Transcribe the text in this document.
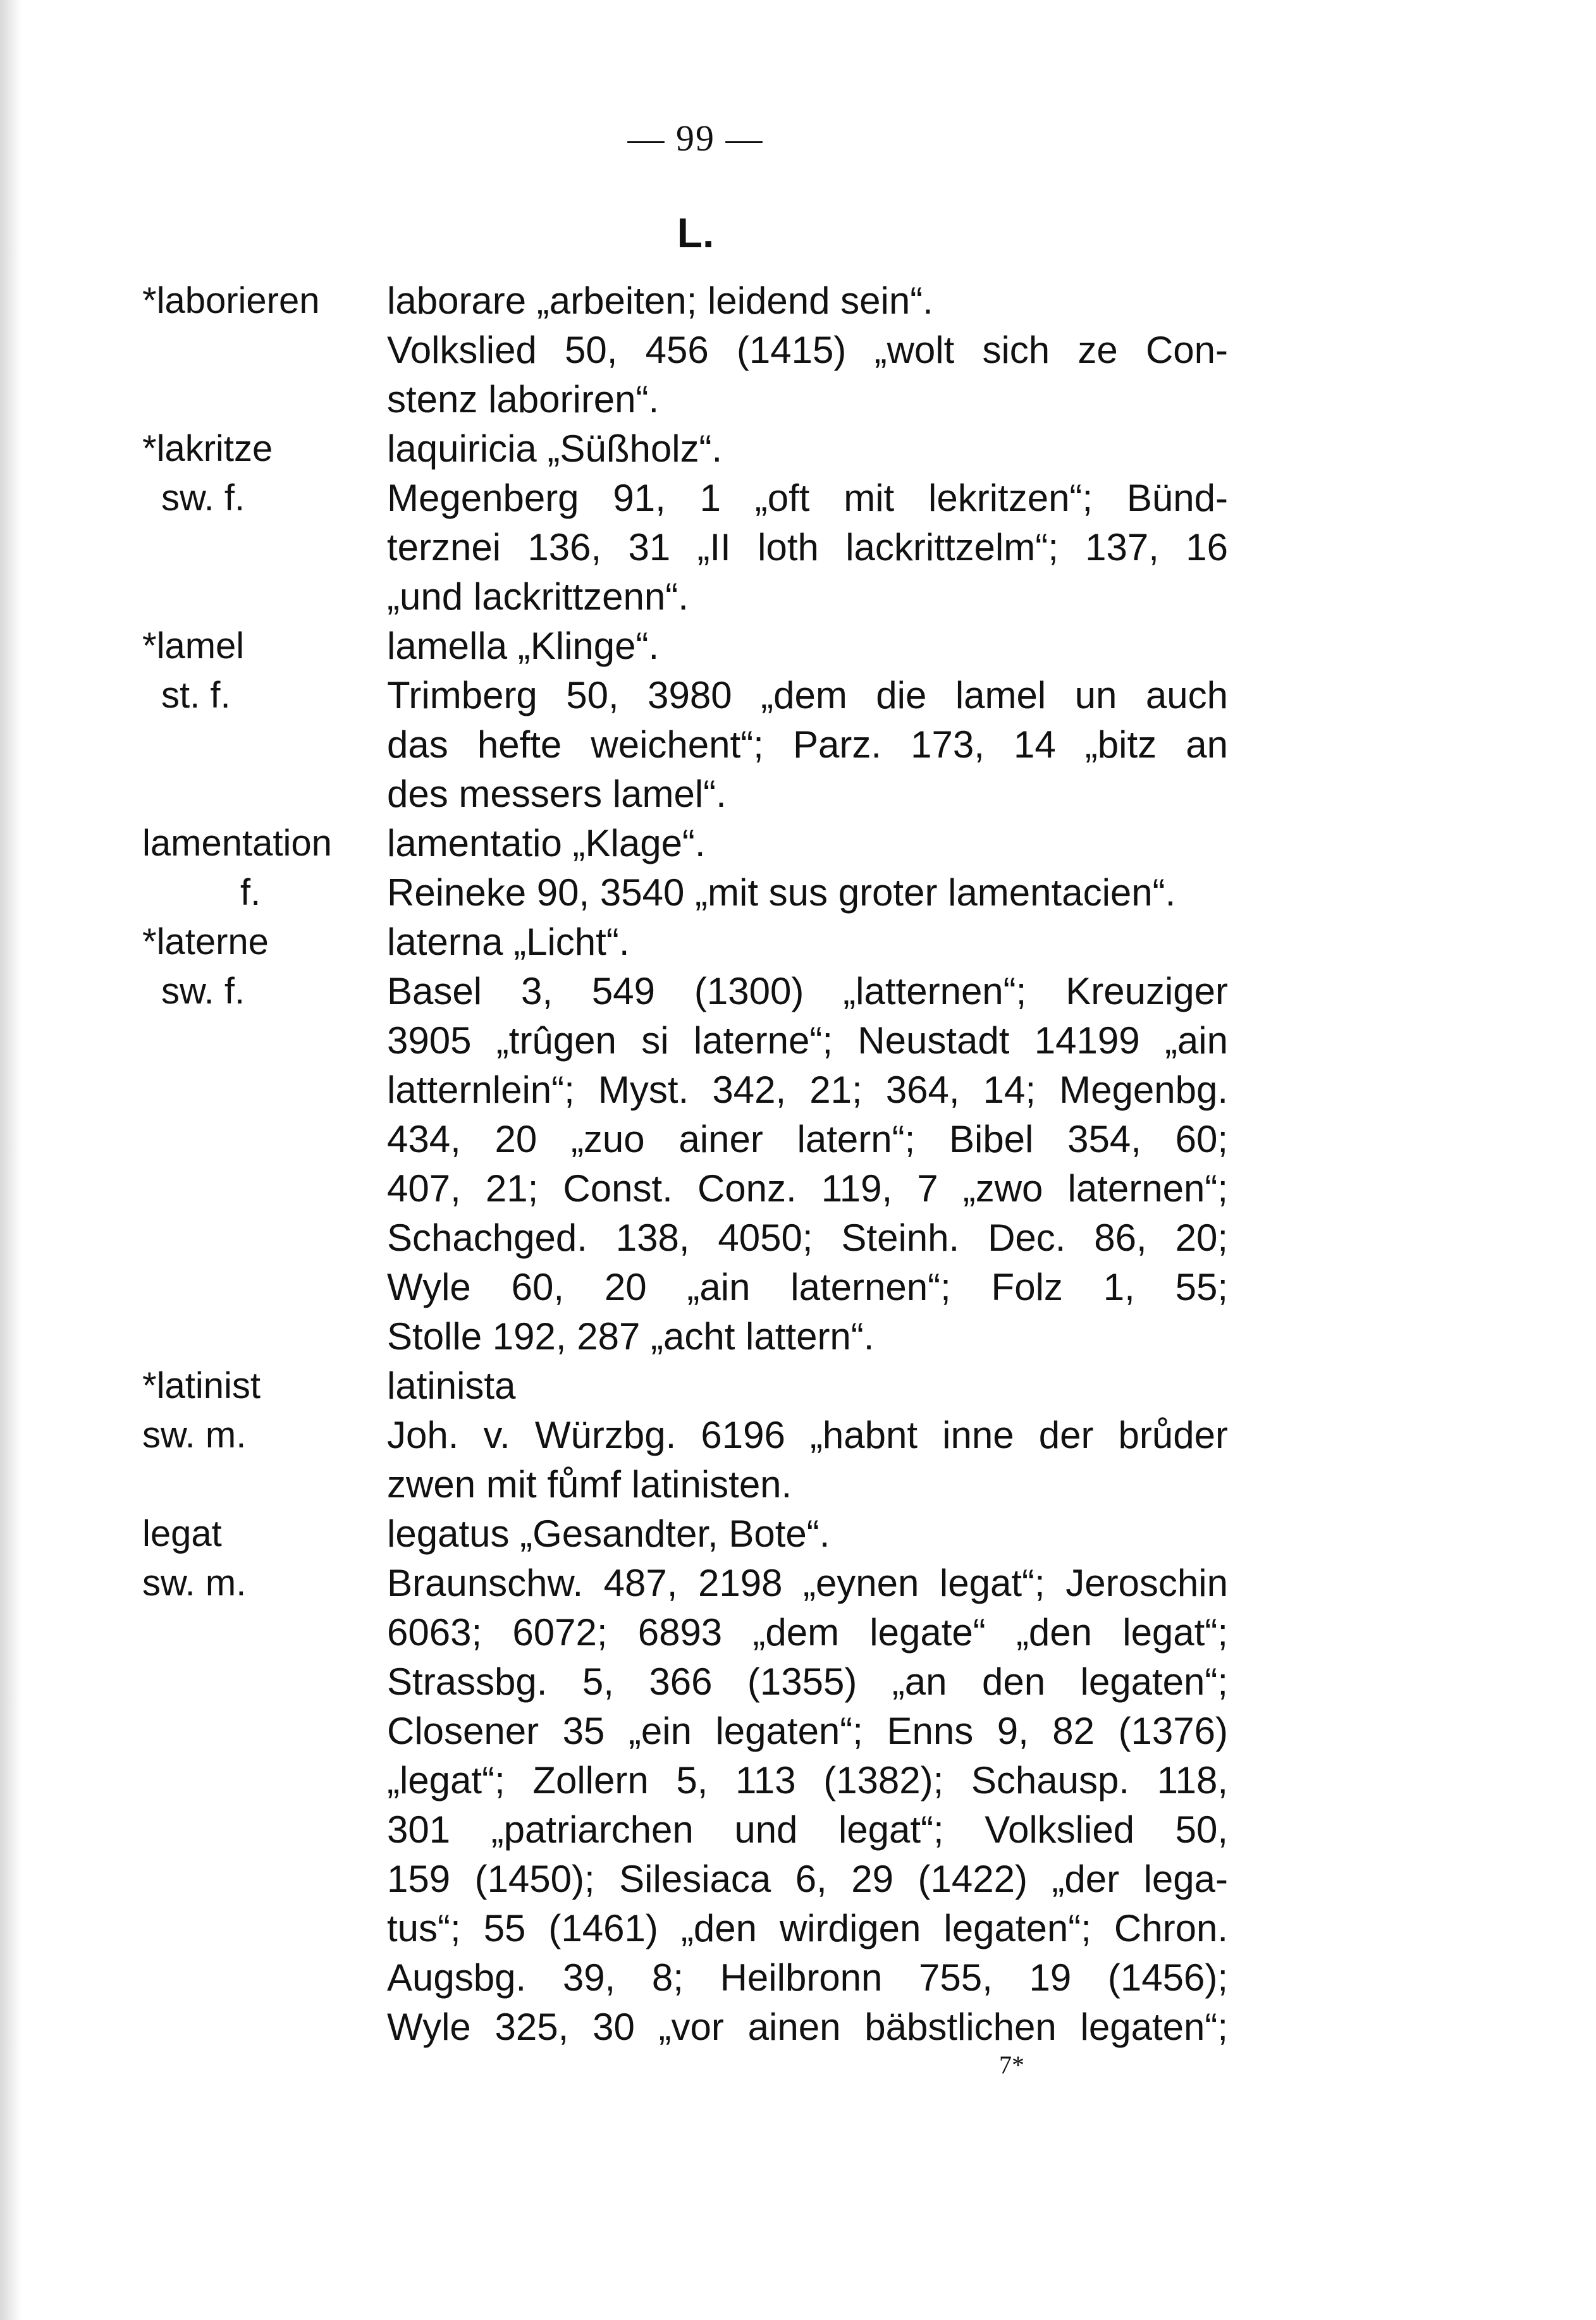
— 99 —
L.
*laborieren	laborare „arbeiten; leidend sein“.
Volkslied 50, 456 (1415) „wolt sich ze Con-
stenz laboriren“.
*lakritze
sw. f.
laquiricia „Süßholz“.
Megenberg 91, 1 „oft mit lekritzen“; Bünd-
terznei 136, 31 „II loth lackrittzelm“; 137, 16
„und lackrittzenn“.
*lamel
st. f.
lamella „Klinge“.
Trimberg 50, 3980 „dem die lamel un auch
das hefte weichent“; Parz. 173, 14 „bitz an
des messers lamel“.
lamentation
f.
lamentatio „Klage“.
Reineke 90, 3540 „mit sus groter lamentacien“.
*laterne
sw. f.
laterna „Licht“.
Basel 3, 549 (1300) „latternen“; Kreuziger
3905 „trûgen si laterne“; Neustadt 14199 „ain
latternlein“; Myst. 342, 21; 364, 14; Megenbg.
434, 20 „zuo ainer latern“; Bibel 354, 60;
407, 21; Const. Conz. 119, 7 „zwo laternen“;
Schachged. 138, 4050; Steinh. Dec. 86, 20;
Wyle 60, 20 „ain laternen“; Folz 1, 55;
Stolle 192, 287 „acht lattern“.
*latinist
sw. m.
latinista
Joh. v. Würzbg. 6196 „habnt inne der brůder
zwen mit fůmf latinisten.
legat
sw. m.
legatus „Gesandter, Bote“.
Braunschw. 487, 2198 „eynen legat“; Jeroschin
6063; 6072; 6893 „dem legate“ „den legat“;
Strassbg. 5, 366 (1355) „an den legaten“;
Closener 35 „ein legaten“; Enns 9, 82 (1376)
„legat“; Zollern 5, 113 (1382); Schausp. 118,
301 „patriarchen und legat“; Volkslied 50,
159 (1450); Silesiaca 6, 29 (1422) „der lega-
tus“; 55 (1461) „den wirdigen legaten“; Chron.
Augsbg. 39, 8; Heilbronn 755, 19 (1456);
Wyle 325, 30 „vor ainen bäbstlichen legaten“;
7*
